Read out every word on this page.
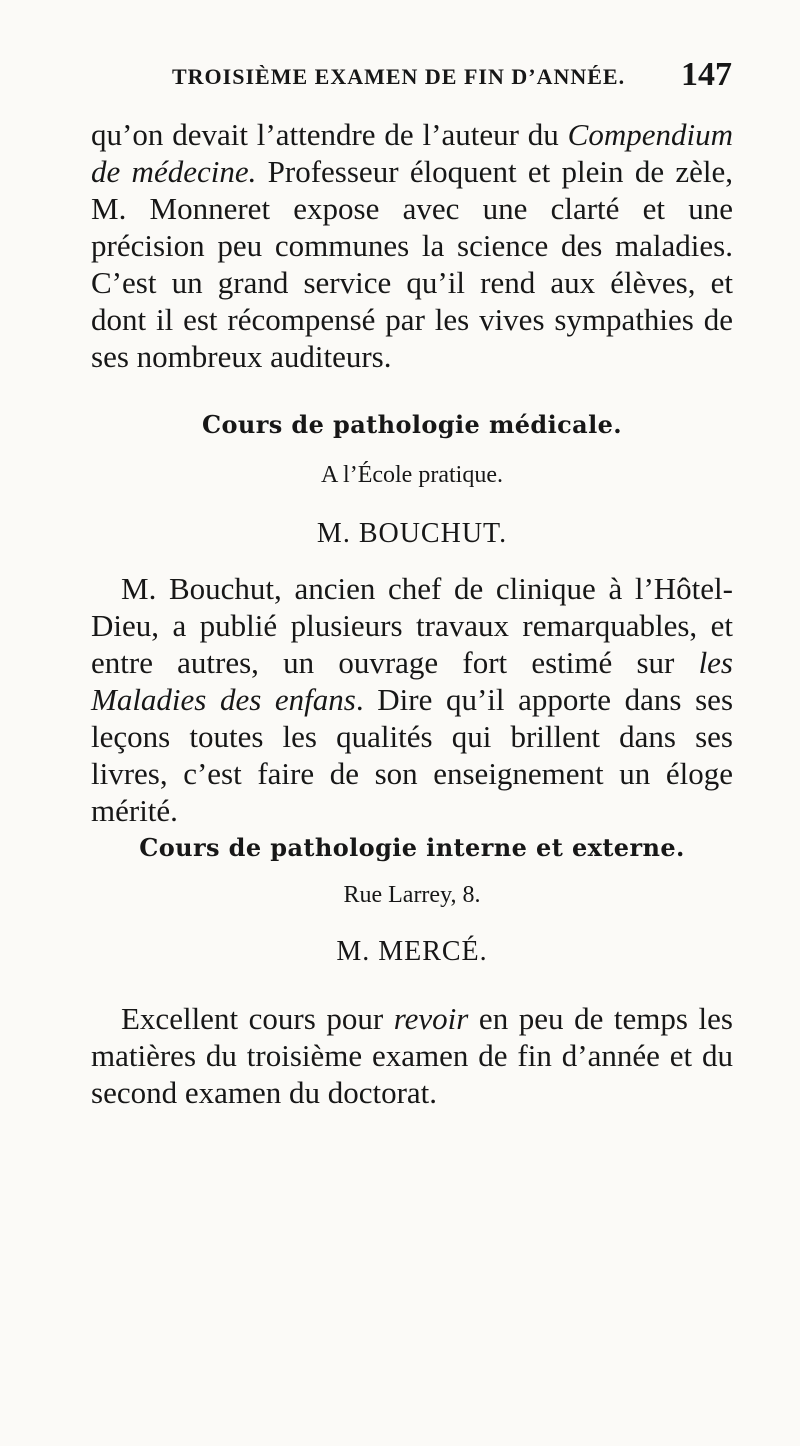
TROISIÈME EXAMEN DE FIN D’ANNÉE. 147
qu’on devait l’attendre de l’auteur du Compendium de médecine. Professeur éloquent et plein de zèle, M. Monneret expose avec une clarté et une précision peu communes la science des maladies. C’est un grand service qu’il rend aux élèves, et dont il est récompensé par les vives sympathies de ses nombreux auditeurs.
Cours de pathologie médicale.
A l’École pratique.
M. BOUCHUT.
M. Bouchut, ancien chef de clinique à l’Hôtel-Dieu, a publié plusieurs travaux remarquables, et entre autres, un ouvrage fort estimé sur les Maladies des enfans. Dire qu’il apporte dans ses leçons toutes les qualités qui brillent dans ses livres, c’est faire de son enseignement un éloge mérité.
Cours de pathologie interne et externe.
Rue Larrey, 8.
M. MERCÉ.
Excellent cours pour revoir en peu de temps les matières du troisième examen de fin d’année et du second examen du doctorat.
